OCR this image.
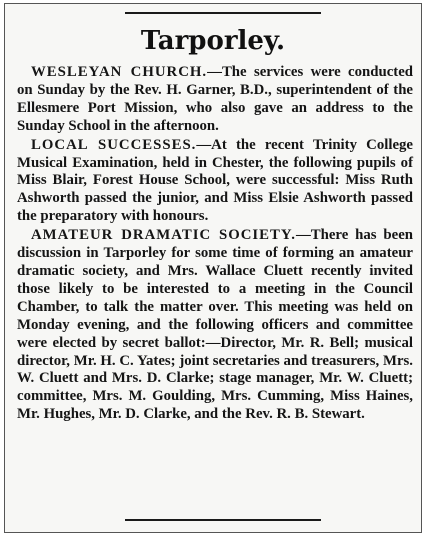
Tarporley.

WESLEYAN CHURCH.—The services were conducted on Sunday by the Rev. H. Garner, B.D., superintendent of the Ellesmere Port Mission, who also gave an address to the Sunday School in the afternoon.

LOCAL SUCCESSES.—At the recent Trinity College Musical Examination, held in Chester, the following pupils of Miss Blair, Forest House School, were successful: Miss Ruth Ashworth passed the junior, and Miss Elsie Ashworth passed the preparatory with honours.

AMATEUR DRAMATIC SOCIETY.—There has been discussion in Tarporley for some time of forming an amateur dramatic society, and Mrs. Wallace Cluett recently invited those likely to be interested to a meeting in the Council Chamber, to talk the matter over. This meeting was held on Monday evening, and the following officers and committee were elected by secret ballot:—Director, Mr. R. Bell; musical director, Mr. H. C. Yates; joint secretaries and treasurers, Mrs. W. Cluett and Mrs. D. Clarke; stage manager, Mr. W. Cluett; committee, Mrs. M. Goulding, Mrs. Cumming, Miss Haines, Mr. Hughes, Mr. D. Clarke, and the Rev. R. B. Stewart.
